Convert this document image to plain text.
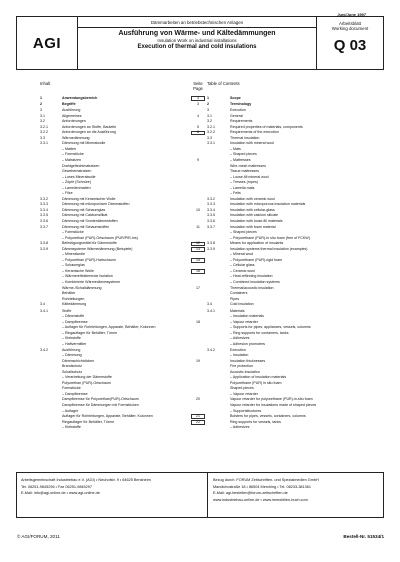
Juni/June 1997
AGI
Dämmarbeiten an betriebstechnischen Anlagen
Ausführung von Wärme- und Kältedämmungen
Insulation Work on industrial installations
Execution of thermal and cold insulations
Arbeitsblatt
Working document
Q 03
Inhalt	Seite
Page
Table of Contents
1	Anwendungsbereich	3	1	Scope
2	Begriffe	3	2	Terminology
3	Ausführung	3	Execution
3.1	Allgemeines	4	3.1	General
3.2	Anforderungen	3.2	Requirements
3.2.1	Anforderungen an Stoffe, Bauteile	5	3.2.1	Required properties of materials, components
3.2.2	Anforderungen an die Ausführung	8	3.2.2	Requirements of the execution
3.3	Wärmedämmung	3.3	Thermal insulation
3.3.1	Dämmung mit Mineralwolle	3.3.1	Insulation with mineral wool
– Matten	– Mats
– Formstücke	– Shaped pieces
– Matratzen	9	– Mattresses
Drahtgeflechtmatratzen	Wire-mesh mattresses
Gewebematratzen	Tissue mattresses
– Loses Mineralwolle	– Loose-fill mineral wool
– Zöpfe (Schnüre)	– Tresses (ropes)
– Lamellenmatten	– Lamella mats
– Filze	– Felts
3.3.2	Dämmung mit Keramischer Wolle	3.3.2	Insulation with ceramic wool
3.3.3	Dämmung mit mikroporösen Dämmstoffen	3.3.3	Insulation with microporous insulation materials
3.3.4	Dämmung mit Schaumglas	10	3.3.4	Insulation with cellular-glass
3.3.5	Dämmung mit Calciumsilikat	3.3.5	Insulation with calcium silicate
3.3.6	Dämmung mit Sonderdämmstoffen	3.3.6	Insulation with loose-fill materials
3.3.7	Dämmung mit Schaumstoffen	11	3.3.7	Insulation with foam material
– Formstücke	– Shaped pieces
– Polyurethan (PUR)-Ortschaum (PUR/PIR-Ins)	– Polyurethane (PUR)-in situ foam (free of FCKW)
3.3.8	Befestigungsmittel für Dämmstoffe	12	3.3.8	Means for application of insulants
3.3.9	Dämmsysteme Wärmedämmung (Beispiele)	13	3.3.9	Insulation systems thermal insulation (examples)
– Mineralwolle	– Mineral wool
– Polyurethan (PUR)-Hartschaum	15	– Polyurethane (PUR)-rigid foam
– Schaumglas	– Cellular glass
– Keramische Wolle	16	– Ceramic wool
– Wärmereflektierende Isolation	– Heat-reflecting insulation
– Kombinierte Wärmedämmsysteme	– Combined insulation systems
Wärme-/Schalldämmung	17	Thermal/acoustic insulation
Behälter	Containers
Rohrleitungen	Pipes
3.4	Kältedämmung	3.4	Cold insulation
3.4.1	Stoffe	3.4.1	Materials
– Dämmstoffe	– Insulation materials
– Dampfbremse	18	– Vapour retarder
– Auflager für Rohrleitungen, Apparate, Behälter, Kolonnen	– Supports for pipes, appliances, vessels, columns
– Ringauflager für Behälter, Türme	– Ring supports for containers, tanks
– Klebstoffe	– Adhesives
– Haftvermittler	– Adhesion promoters
3.4.2	Ausführung	3.4.2	Execution
– Dämmung	– Insulation
Dämmschichtdicken	19	Insulation thicknesses
Brandschutz	Fire protection
Schallschutz	Acoustic insulation
– Verarbeitung der Dämmstoffe	– Application of insulation materials
Polyurethan (PUR)-Ortschaum	Polyurethane (PUR) in situ foam
Formstücke	Shaped pieces
– Dampfbremse	– Vapour retarder
Dampfbremse für Polyurethan(PUR)-Ortschaum	20	Vapour retarder for polyurethane (PUR)-in-situ foam
Dampfbremse für Dämmungen mit Formstücken	Vapour retarder for insulations made of shaped pieces
– Auflager	– Supportsttuctures
Auflager für Rohrleitungen, Apparate, Behälter, Kolonnen	21	Bolsters for pipes, vessels, containers, columns
Ringauflager für Behälter, Türme	22	Ring supports for vessels, tanks
– Klebstoffe	– Adhesives
Arbeitsgemeinschaft Industriebau e.V. (AGI) • Neuhofstr. 9 • 64625 Bensheim
Tel. 06251-9845296 • Fax 06251-9845297
E-Mail: info@agi-online.de • www.agi-online.de
Bezug durch: FORUM Zeitschriften- und Spezialmedien GmbH
Mandichostraße 18 • 86504 Merching • Tel. 08233-381361
E-Mail: agi-bestellen@forum-zeitschriften.de
www.industriebau-online.de • www.immobilien-buch.com
© AGI/FORUM, 2011	Bestell-Nr. 51534/1
